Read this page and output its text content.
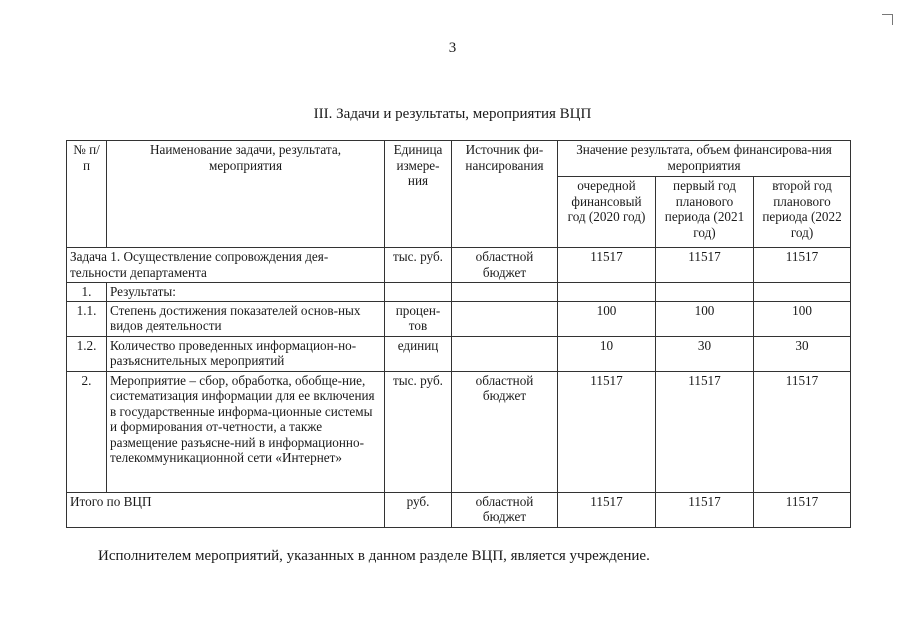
3
III. Задачи и результаты, мероприятия ВЦП
№ п/п	Наименование задачи, результата, мероприятия	Единица измере-ния	Источник фи-нансирования	Значение результата, объем финансирова-ния мероприятия		
				очередной финансовый год (2020 год)	первый год планового периода (2021 год)	второй год планового периода (2022 год)
Задача 1. Осуществление сопровождения дея-тельности департамента		тыс. руб.	областной бюджет	11517	11517	11517
1.	Результаты:					
1.1.	Степень достижения показателей основ-ных видов деятельности	процен-тов		100	100	100
1.2.	Количество проведенных информацион-но-разъяснительных мероприятий	единиц		10	30	30
2.	Мероприятие – сбор, обработка, обобще-ние, систематизация информации для ее включения в государственные информа-ционные системы и формирования от-четности, а также размещение разъясне-ний в информационно-телекоммуникационной сети «Интернет»	тыс. руб.	областной бюджет	11517	11517	11517
Итого по ВЦП		руб.	областной бюджет	11517	11517	11517
Исполнителем мероприятий, указанных в данном разделе ВЦП, является учреждение.
